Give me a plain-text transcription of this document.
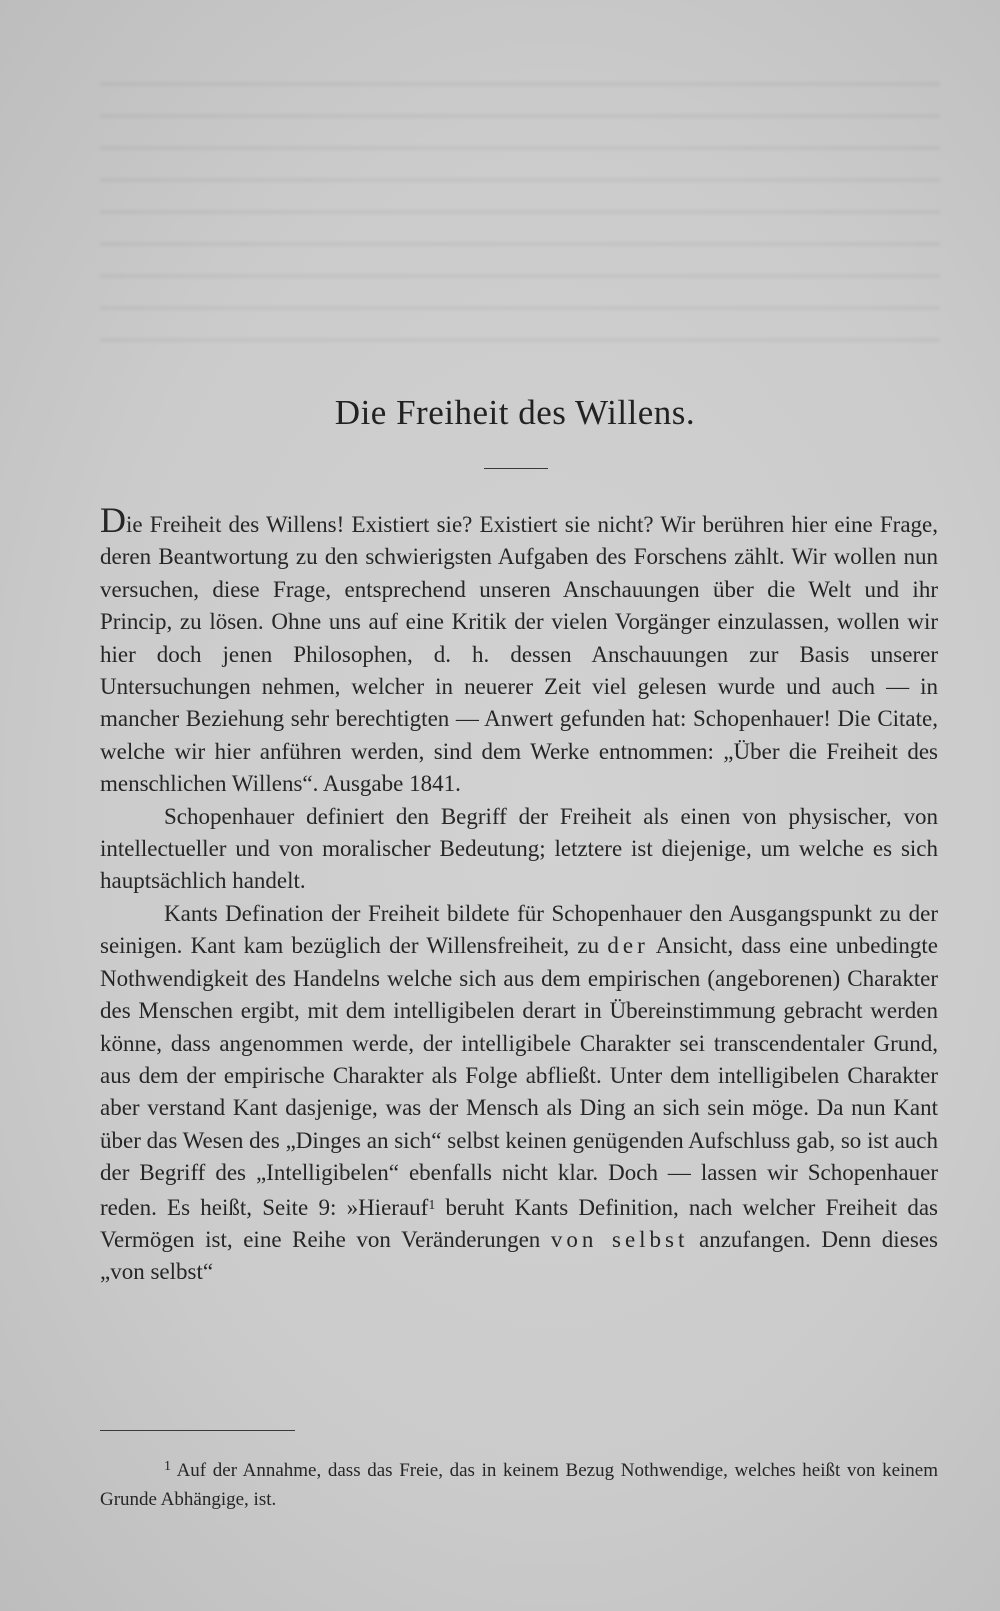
Die Freiheit des Willens.

Die Freiheit des Willens! Existiert sie? Existiert sie nicht? Wir berühren hier eine Frage, deren Beantwortung zu den schwierigsten Aufgaben des Forschens zählt. Wir wollen nun versuchen, diese Frage, entsprechend unseren Anschauungen über die Welt und ihr Princip, zu lösen. Ohne uns auf eine Kritik der vielen Vorgänger einzulassen, wollen wir hier doch jenen Philosophen, d. h. dessen Anschauungen zur Basis unserer Untersuchungen nehmen, welcher in neuerer Zeit viel gelesen wurde und auch — in mancher Beziehung sehr berechtigten — Anwert gefunden hat: Schopenhauer! Die Citate, welche wir hier anführen werden, sind dem Werke entnommen: „Über die Freiheit des menschlichen Willens“. Ausgabe 1841.

Schopenhauer definiert den Begriff der Freiheit als einen von physischer, von intellectueller und von moralischer Bedeutung; letztere ist diejenige, um welche es sich hauptsächlich handelt.

Kants Defination der Freiheit bildete für Schopenhauer den Ausgangspunkt zu der seinigen. Kant kam bezüglich der Willensfreiheit, zu der Ansicht, dass eine unbedingte Nothwendigkeit des Handelns welche sich aus dem empirischen (angeborenen) Charakter des Menschen ergibt, mit dem intelligibelen derart in Übereinstimmung gebracht werden könne, dass angenommen werde, der intelligibele Charakter sei transcendentaler Grund, aus dem der empirische Charakter als Folge abfließt. Unter dem intelligibelen Charakter aber verstand Kant dasjenige, was der Mensch als Ding an sich sein möge. Da nun Kant über das Wesen des „Dinges an sich“ selbst keinen genügenden Aufschluss gab, so ist auch der Begriff des „Intelligibelen“ ebenfalls nicht klar. Doch — lassen wir Schopenhauer reden. Es heißt, Seite 9: »Hierauf$^1$ beruht Kants Definition, nach welcher Freiheit das Vermögen ist, eine Reihe von Veränderungen von selbst anzufangen. Denn dieses „von selbst“

$^1$ Auf der Annahme, dass das Freie, das in keinem Bezug Nothwendige, welches heißt von keinem Grunde Abhängige, ist.
